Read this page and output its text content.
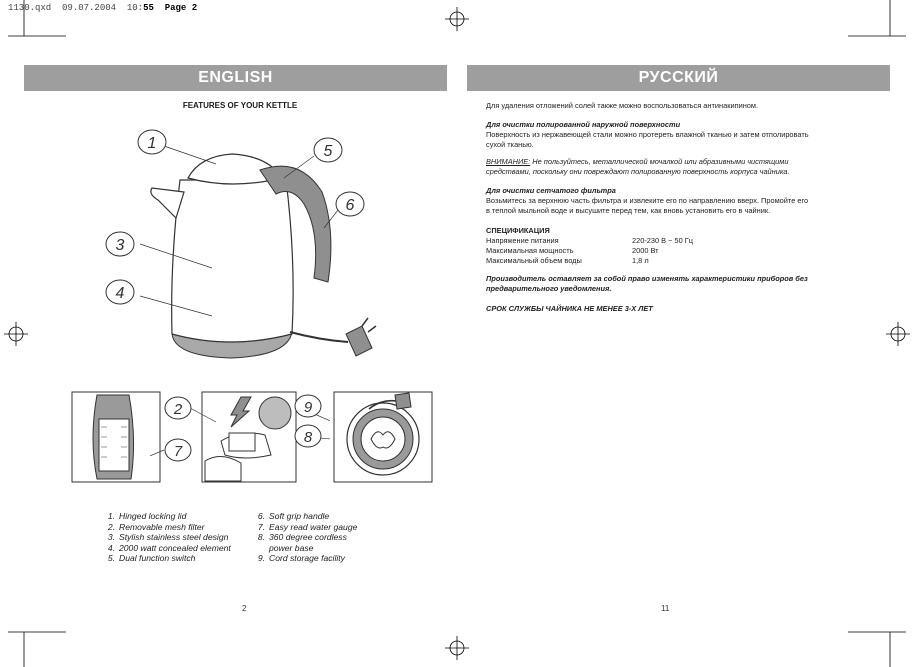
1130.qxd 09.07.2004 10:55 Page 2
ENGLISH	РУССКИЙ
FEATURES OF YOUR KETTLE
1	5
6
3
4
2
7
9
8
1. Hinged locking lid
2. Removable mesh filter
3. Stylish stainless steel design
4. 2000 watt concealed element
5. Dual function switch
6. Soft grip handle
7. Easy read water gauge
8. 360 degree cordless
power base
9. Cord storage facility
2
Для удаления отложений солей также можно воспользоваться антинакипином.
Для очистки полированной наружной поверхности
Поверхность из нержавеющей стали можно протереть влажной тканью и затем отполировать
сухой тканью.
ВНИМАНИЕ: Не пользуйтесь, металлической мочалкой или абразивными чистящими
средствами, поскольку они повреждают полированную поверхность корпуса чайника.
Для очистки сетчатого фильтра
Возьмитесь за верхнюю часть фильтра и извлеките его по направлению вверх. Промойте его
в теплой мыльной воде и высушите перед тем, как вновь установить его в чайник.
СПЕЦИФИКАЦИЯ
Напряжение питания	220-230 В ~ 50 Гц
Максимальная мощность	2000 Вт
Максимальный объем воды	1,8 л
Производитель оставляет за собой право изменять характеристики приборов без
предварительного уведомления.
СРОК СЛУЖБЫ ЧАЙНИКА НЕ МЕНЕЕ 3-Х ЛЕТ
11
